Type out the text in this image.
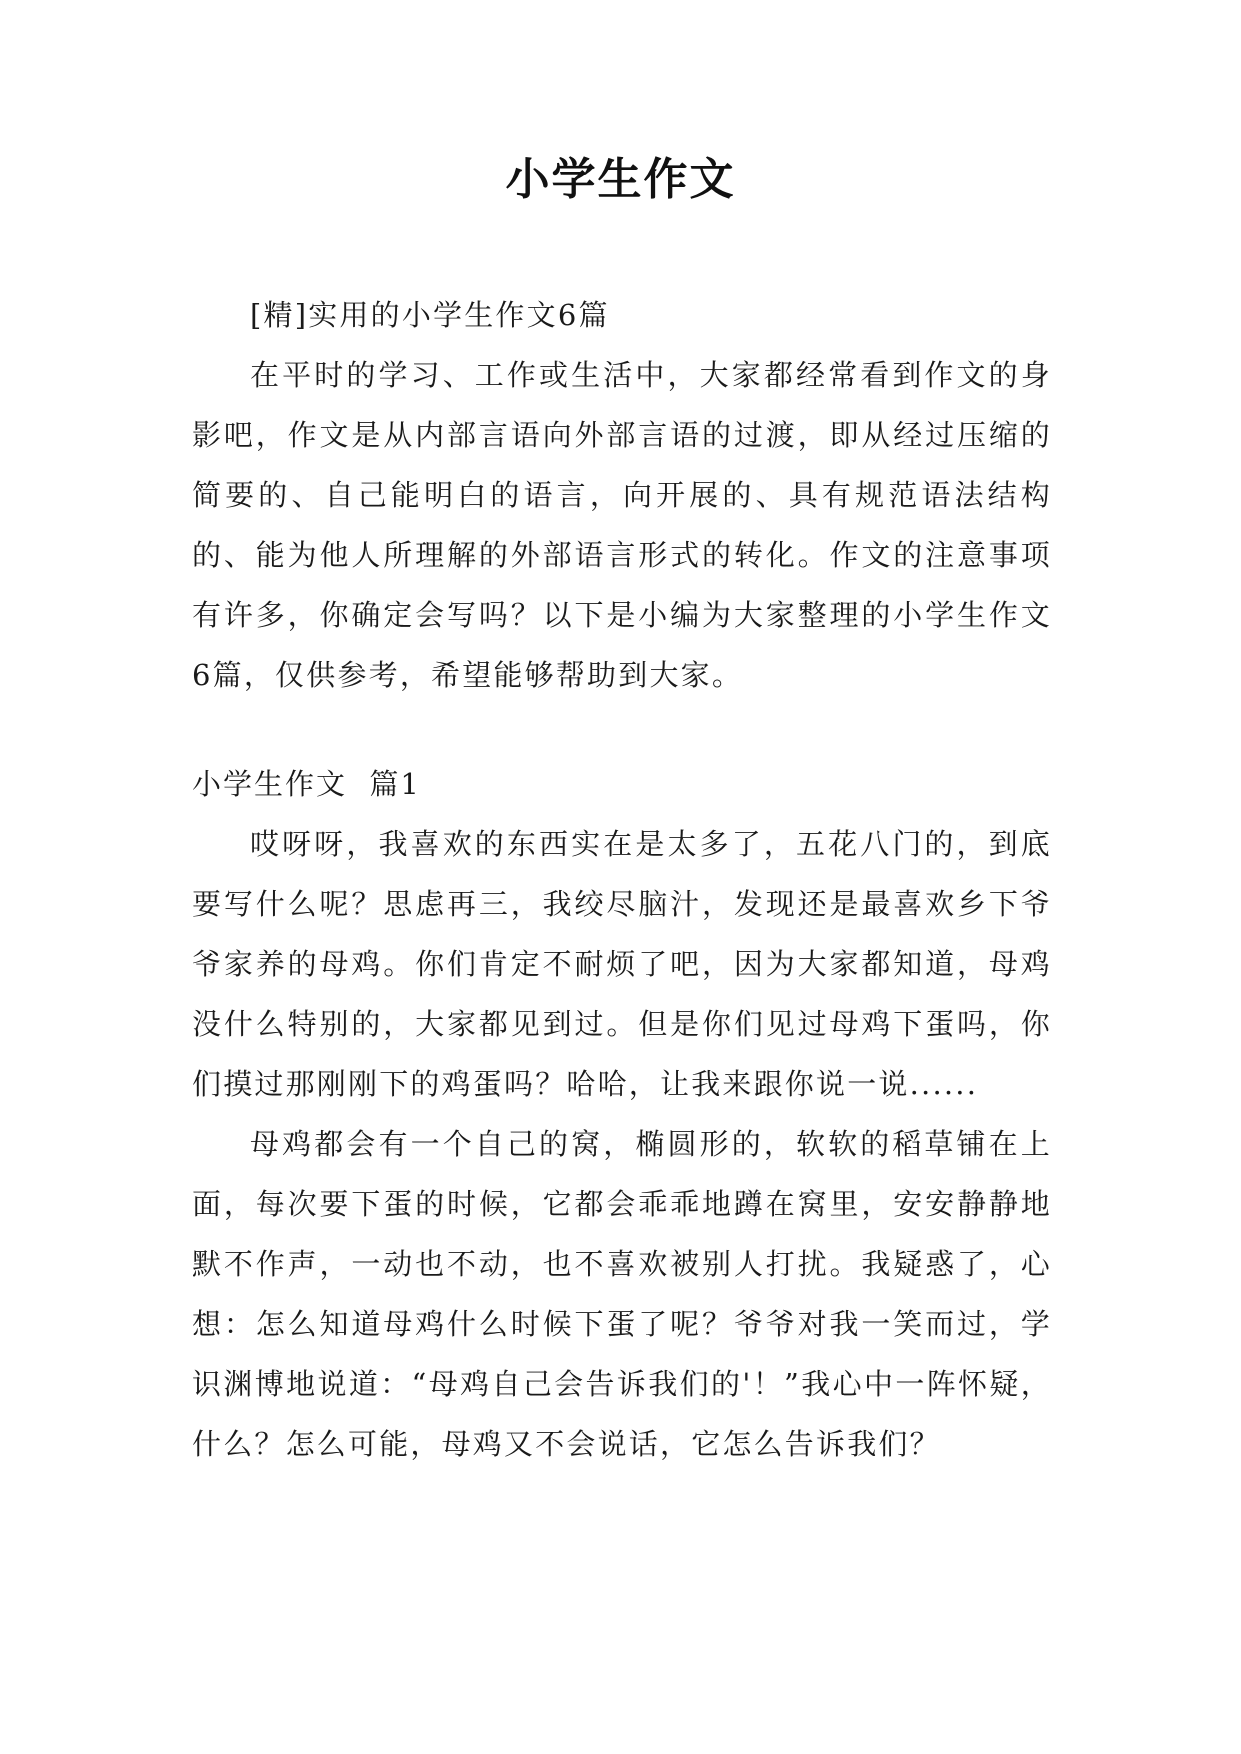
小学生作文

[精]实用的小学生作文6篇

在平时的学习、工作或生活中，大家都经常看到作文的身影吧，作文是从内部言语向外部言语的过渡，即从经过压缩的简要的、自己能明白的语言，向开展的、具有规范语法结构的、能为他人所理解的外部语言形式的转化。作文的注意事项有许多，你确定会写吗？以下是小编为大家整理的小学生作文6篇，仅供参考，希望能够帮助到大家。

小学生作文  篇1

哎呀呀，我喜欢的东西实在是太多了，五花八门的，到底要写什么呢？思虑再三，我绞尽脑汁，发现还是最喜欢乡下爷爷家养的母鸡。你们肯定不耐烦了吧，因为大家都知道，母鸡没什么特别的，大家都见到过。但是你们见过母鸡下蛋吗，你们摸过那刚刚下的鸡蛋吗？哈哈，让我来跟你说一说......

母鸡都会有一个自己的窝，椭圆形的，软软的稻草铺在上面，每次要下蛋的时候，它都会乖乖地蹲在窝里，安安静静地默不作声，一动也不动，也不喜欢被别人打扰。我疑惑了，心想：怎么知道母鸡什么时候下蛋了呢？爷爷对我一笑而过，学识渊博地说道：“母鸡自己会告诉我们的'！”我心中一阵怀疑，什么？怎么可能，母鸡又不会说话，它怎么告诉我们？
